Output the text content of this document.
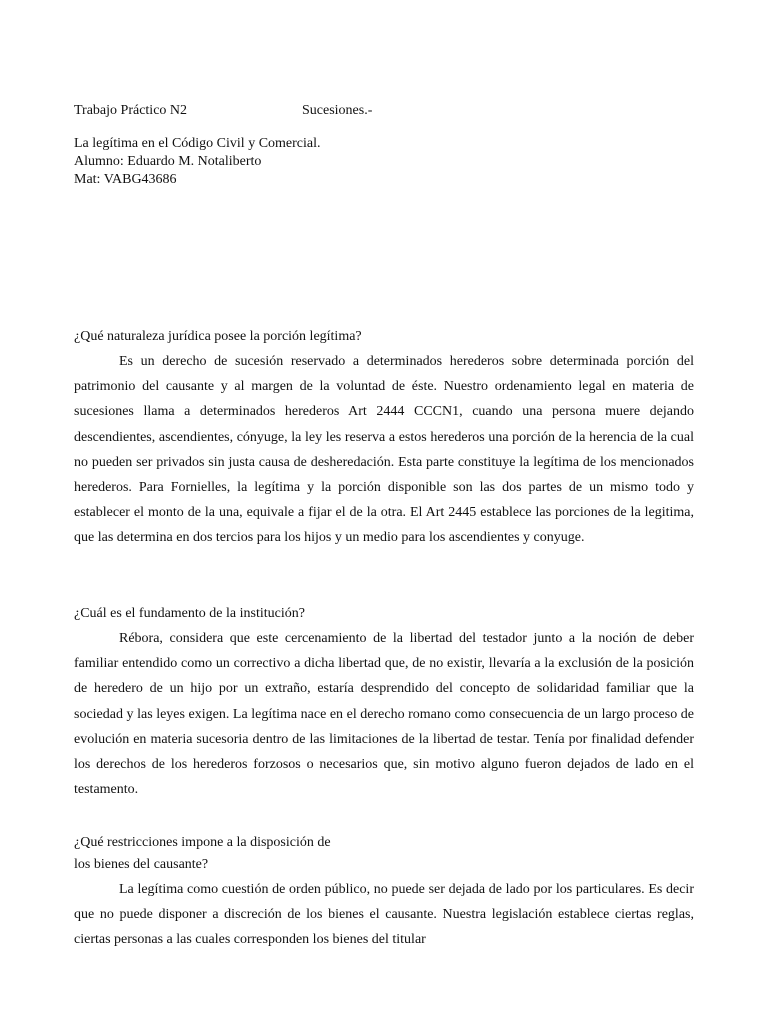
Trabajo Práctico N2	Sucesiones.-
La legítima en el Código Civil y Comercial.
Alumno: Eduardo M. Notaliberto
Mat: VABG43686
¿Qué naturaleza jurídica posee la porción legítima?

Es un derecho de sucesión reservado a determinados herederos sobre determinada porción del patrimonio del causante y al margen de la voluntad de éste. Nuestro ordenamiento legal en materia de sucesiones llama a determinados herederos Art 2444 CCCN1, cuando una persona muere dejando descendientes, ascendientes, cónyuge, la ley les reserva a estos herederos una porción de la herencia de la cual no pueden ser privados sin justa causa de desheredación. Esta parte constituye la legítima de los mencionados herederos. Para Fornielles, la legítima y la porción disponible son las dos partes de un mismo todo y establecer el monto de la una, equivale a fijar el de la otra. El Art 2445 establece las porciones de la legitima, que las determina en dos tercios para los hijos y un medio para los ascendientes y conyuge.

¿Cuál es el fundamento de la institución?

Rébora, considera que este cercenamiento de la libertad del testador junto a la noción de deber familiar entendido como un correctivo a dicha libertad que, de no existir, llevaría a la exclusión de la posición de heredero de un hijo por un extraño, estaría desprendido del concepto de solidaridad familiar que la sociedad y las leyes exigen. La legítima nace en el derecho romano como consecuencia de un largo proceso de evolución en materia sucesoria dentro de las limitaciones de la libertad de testar. Tenía por finalidad defender los derechos de los herederos forzosos o necesarios que, sin motivo alguno fueron dejados de lado en el testamento.

¿Qué restricciones impone a la disposición de
los bienes del causante?

La legítima como cuestión de orden público, no puede ser dejada de lado por los particulares. Es decir que no puede disponer a discreción de los bienes el causante. Nuestra legislación establece ciertas reglas, ciertas personas a las cuales corresponden los bienes del titular
